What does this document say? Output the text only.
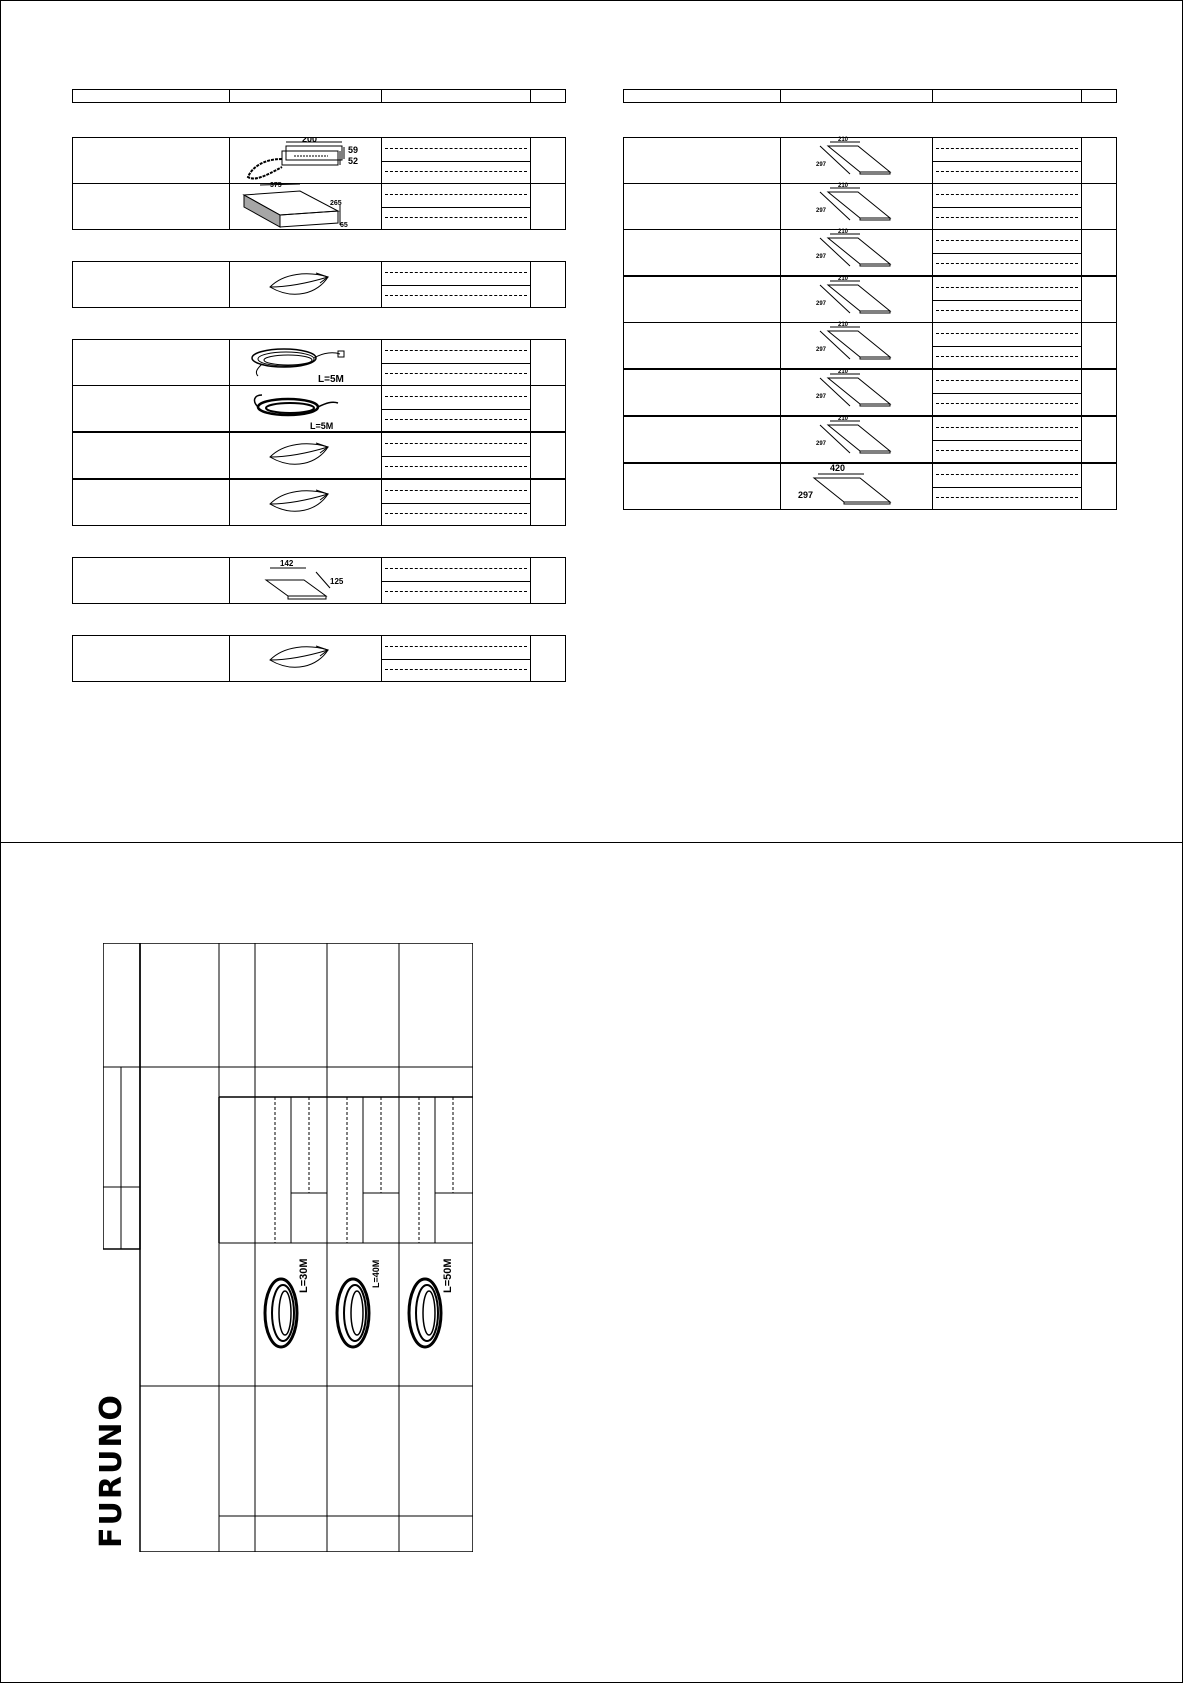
200
59
52
375
265
65
L=5M
L=5M
142
125
210
297
210
297
210
297
210
297
210
297
210
297
210
297
420
297
L=30M	L=40M	L=50M
FURUNO
